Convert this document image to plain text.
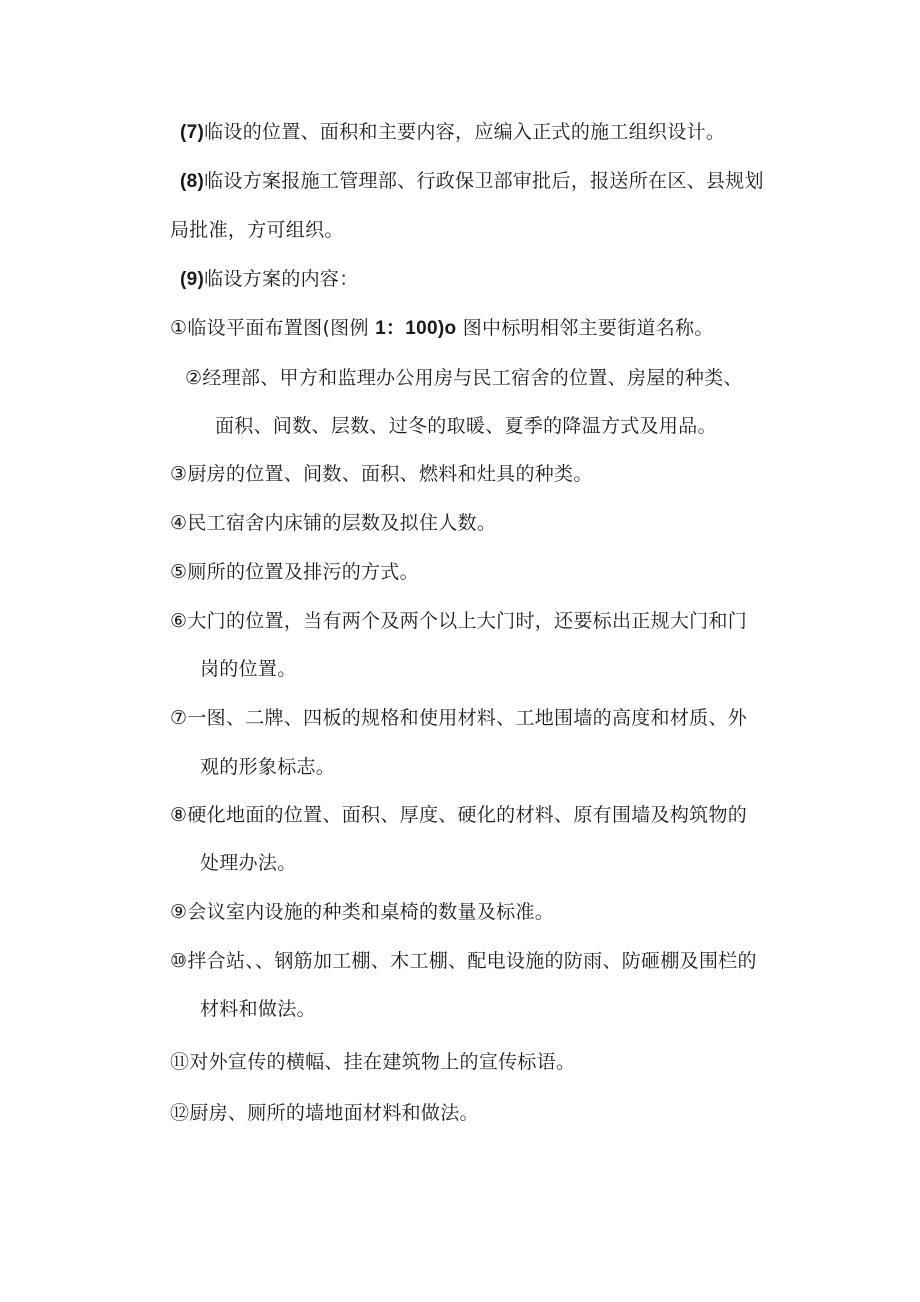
(7)临设的位置、面积和主要内容，应编入正式的施工组织设计。
(8)临设方案报施工管理部、行政保卫部审批后，报送所在区、县规划
局批准，方可组织。
(9)临设方案的内容：
①临设平面布置图(图例 1：100)o 图中标明相邻主要街道名称。
②经理部、甲方和监理办公用房与民工宿舍的位置、房屋的种类、
面积、间数、层数、过冬的取暖、夏季的降温方式及用品。
③厨房的位置、间数、面积、燃料和灶具的种类。
④民工宿舍内床铺的层数及拟住人数。
⑤厕所的位置及排污的方式。
⑥大门的位置，当有两个及两个以上大门时，还要标出正规大门和门
岗的位置。
⑦一图、二牌、四板的规格和使用材料、工地围墙的高度和材质、外
观的形象标志。
⑧硬化地面的位置、面积、厚度、硬化的材料、原有围墙及构筑物的
处理办法。
⑨会议室内设施的种类和桌椅的数量及标准。
⑩拌合站、、钢筋加工棚、木工棚、配电设施的防雨、防砸棚及围栏的
材料和做法。
⑪对外宣传的横幅、挂在建筑物上的宣传标语。
⑫厨房、厕所的墙地面材料和做法。
